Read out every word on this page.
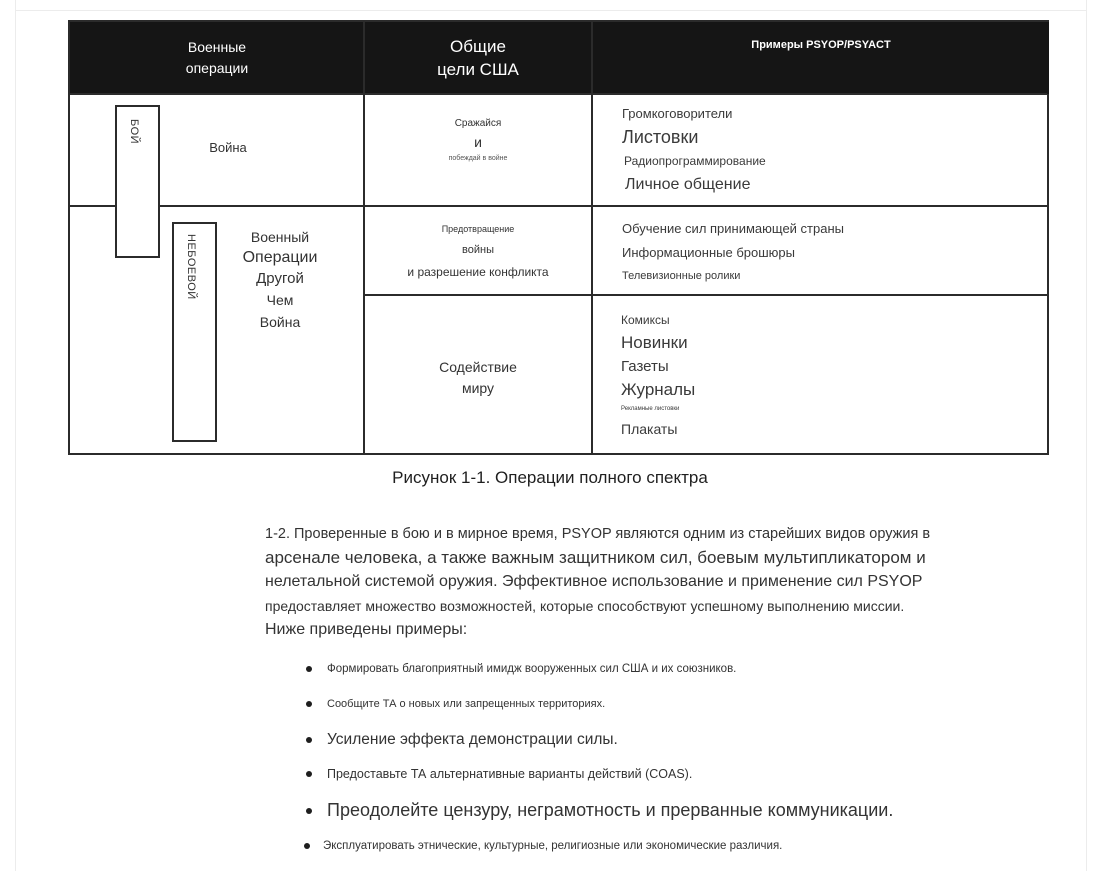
Военные
операции
Общие
цели США
Примеры PSYOP/PSYACT
БОЙ
НЕБОЕВОЙ
Война
Военный
Операции
Другой
Чем
Война
Сражайся
и
побеждай в войне
Предотвращение
войны
и разрешение конфликта
Содействие
миру
Громкоговорители
Листовки
Радиопрограммирование
Личное общение
Обучение сил принимающей страны
Информационные брошюры
Телевизионные ролики
Комиксы
Новинки
Газеты
Журналы
Рекламные листовки
Плакаты
Рисунок 1-1. Операции полного спектра
1-2. Проверенные в бою и в мирное время, PSYOP являются одним из старейших видов оружия в
арсенале человека, а также важным защитником сил, боевым мультипликатором и
нелетальной системой оружия. Эффективное использование и применение сил PSYOP
предоставляет множество возможностей, которые способствуют успешному выполнению миссии.
Ниже приведены примеры:
Формировать благоприятный имидж вооруженных сил США и их союзников.
Сообщите ТА о новых или запрещенных территориях.
Усиление эффекта демонстрации силы.
Предоставьте ТА альтернативные варианты действий (COAS).
Преодолейте цензуру, неграмотность и прерванные коммуникации.
Эксплуатировать этнические, культурные, религиозные или экономические различия.
